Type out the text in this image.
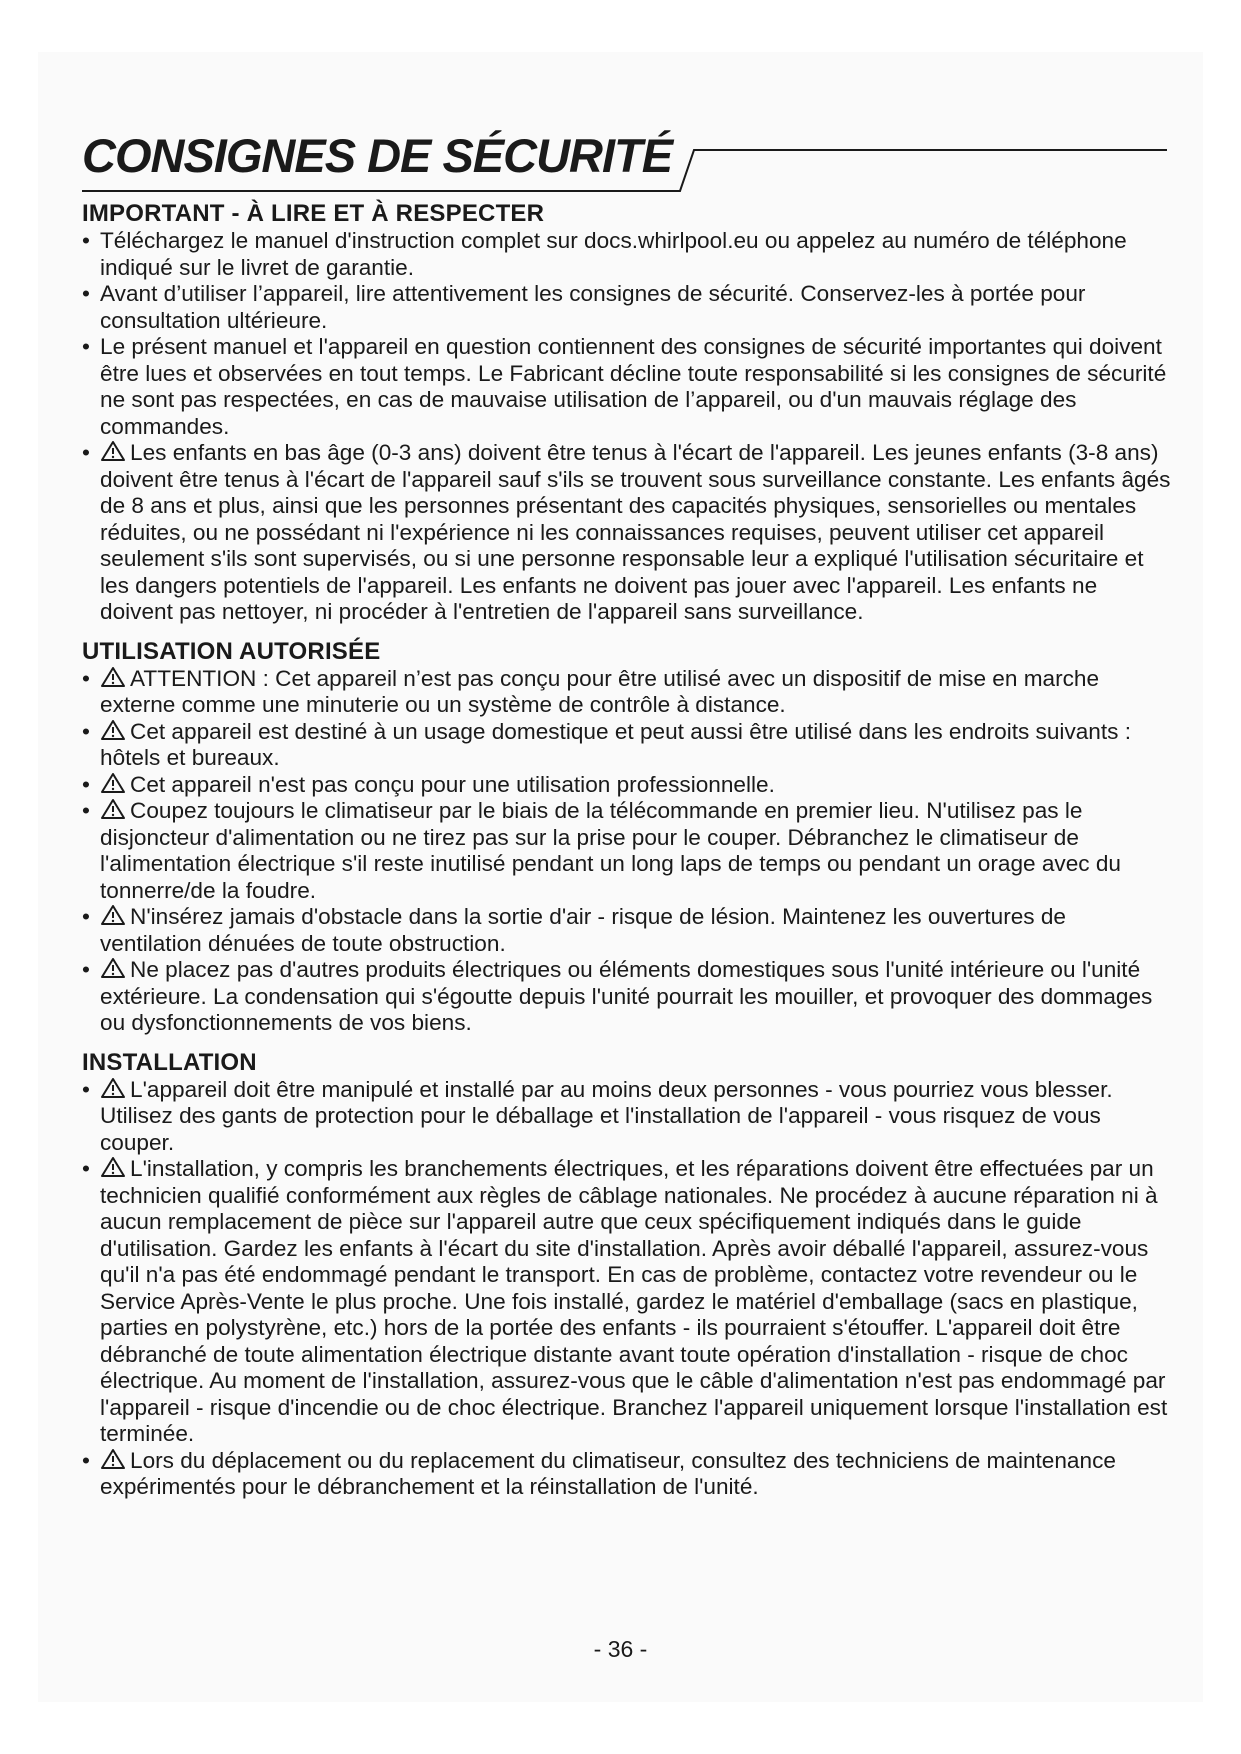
CONSIGNES DE SÉCURITÉ
IMPORTANT - À LIRE ET À RESPECTER
• Téléchargez le manuel d'instruction complet sur docs.whirlpool.eu ou appelez au numéro de téléphone indiqué sur le livret de garantie.
• Avant d’utiliser l’appareil, lire attentivement les consignes de sécurité. Conservez-les à portée pour consultation ultérieure.
• Le présent manuel et l'appareil en question contiennent des consignes de sécurité importantes qui doivent être lues et observées en tout temps. Le Fabricant décline toute responsabilité si les consignes de sécurité ne sont pas respectées, en cas de mauvaise utilisation de l’appareil, ou d'un mauvais réglage des commandes.
• Les enfants en bas âge (0-3 ans) doivent être tenus à l'écart de l'appareil. Les jeunes enfants (3-8 ans) doivent être tenus à l'écart de l'appareil sauf s'ils se trouvent sous surveillance constante. Les enfants âgés de 8 ans et plus, ainsi que les personnes présentant des capacités physiques, sensorielles ou mentales réduites, ou ne possédant ni l'expérience ni les connaissances requises, peuvent utiliser cet appareil seulement s'ils sont supervisés, ou si une personne responsable leur a expliqué l'utilisation sécuritaire et les dangers potentiels de l'appareil. Les enfants ne doivent pas jouer avec l'appareil. Les enfants ne doivent pas nettoyer, ni procéder à l'entretien de l'appareil sans surveillance.
UTILISATION AUTORISÉE
• ATTENTION : Cet appareil n’est pas conçu pour être utilisé avec un dispositif de mise en marche externe comme une minuterie ou un système de contrôle à distance.
• Cet appareil est destiné à un usage domestique et peut aussi être utilisé dans les endroits suivants : hôtels et bureaux.
• Cet appareil n'est pas conçu pour une utilisation professionnelle.
• Coupez toujours le climatiseur par le biais de la télécommande en premier lieu. N'utilisez pas le disjoncteur d'alimentation ou ne tirez pas sur la prise pour le couper. Débranchez le climatiseur de l'alimentation électrique s'il reste inutilisé pendant un long laps de temps ou pendant un orage avec du tonnerre/de la foudre.
• N'insérez jamais d'obstacle dans la sortie d'air - risque de lésion. Maintenez les ouvertures de ventilation dénuées de toute obstruction.
• Ne placez pas d'autres produits électriques ou éléments domestiques sous l'unité intérieure ou l'unité extérieure. La condensation qui s'égoutte depuis l'unité pourrait les mouiller, et provoquer des dommages ou dysfonctionnements de vos biens.
INSTALLATION
• L'appareil doit être manipulé et installé par au moins deux personnes - vous pourriez vous blesser. Utilisez des gants de protection pour le déballage et l'installation de l'appareil - vous risquez de vous couper.
• L'installation, y compris les branchements électriques, et les réparations doivent être effectuées par un technicien qualifié conformément aux règles de câblage nationales. Ne procédez à aucune réparation ni à aucun remplacement de pièce sur l'appareil autre que ceux spécifiquement indiqués dans le guide d'utilisation. Gardez les enfants à l'écart du site d'installation. Après avoir déballé l'appareil, assurez-vous qu'il n'a pas été endommagé pendant le transport. En cas de problème, contactez votre revendeur ou le Service Après-Vente le plus proche. Une fois installé, gardez le matériel d'emballage (sacs en plastique, parties en polystyrène, etc.) hors de la portée des enfants - ils pourraient s'étouffer. L'appareil doit être débranché de toute alimentation électrique distante avant toute opération d'installation - risque de choc électrique. Au moment de l'installation, assurez-vous que le câble d'alimentation n'est pas endommagé par l'appareil - risque d'incendie ou de choc électrique. Branchez l'appareil uniquement lorsque l'installation est terminée.
• Lors du déplacement ou du replacement du climatiseur, consultez des techniciens de maintenance expérimentés pour le débranchement et la réinstallation de l'unité.
- 36 -
